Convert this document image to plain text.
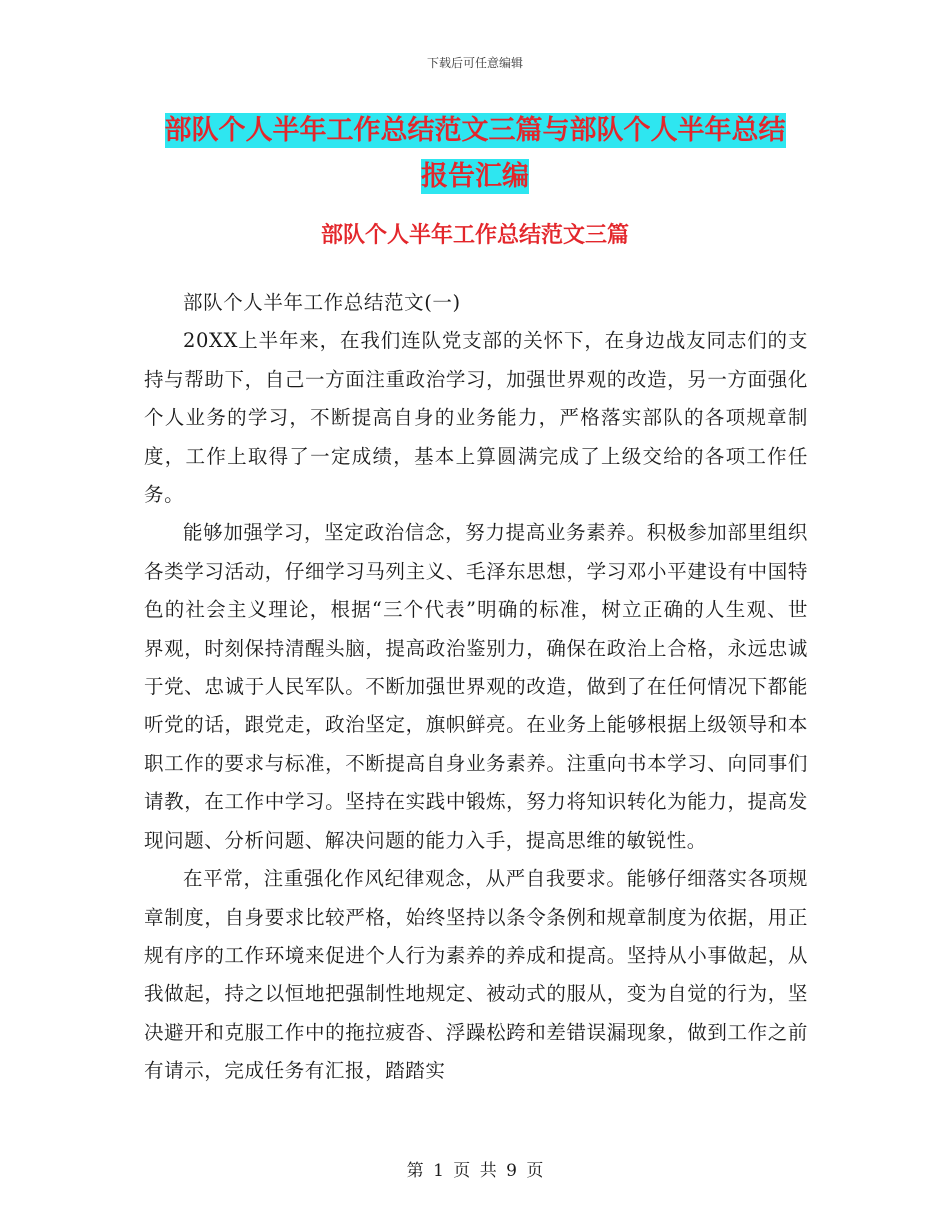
下载后可任意编辑
部队个人半年工作总结范文三篇与部队个人半年总结
报告汇编
部队个人半年工作总结范文三篇

部队个人半年工作总结范文(一)

20XX上半年来，在我们连队党支部的关怀下，在身边战友同志们的支持与帮助下，自己一方面注重政治学习，加强世界观的改造，另一方面强化个人业务的学习，不断提高自身的业务能力，严格落实部队的各项规章制度，工作上取得了一定成绩，基本上算圆满完成了上级交给的各项工作任务。

能够加强学习，坚定政治信念，努力提高业务素养。积极参加部里组织各类学习活动，仔细学习马列主义、毛泽东思想，学习邓小平建设有中国特色的社会主义理论，根据“三个代表”明确的标准，树立正确的人生观、世界观，时刻保持清醒头脑，提高政治鉴别力，确保在政治上合格，永远忠诚于党、忠诚于人民军队。不断加强世界观的改造，做到了在任何情况下都能听党的话，跟党走，政治坚定，旗帜鲜亮。在业务上能够根据上级领导和本职工作的要求与标准，不断提高自身业务素养。注重向书本学习、向同事们请教，在工作中学习。坚持在实践中锻炼，努力将知识转化为能力，提高发现问题、分析问题、解决问题的能力入手，提高思维的敏锐性。

在平常，注重强化作风纪律观念，从严自我要求。能够仔细落实各项规章制度，自身要求比较严格，始终坚持以条令条例和规章制度为依据，用正规有序的工作环境来促进个人行为素养的养成和提高。坚持从小事做起，从我做起，持之以恒地把强制性地规定、被动式的服从，变为自觉的行为，坚决避开和克服工作中的拖拉疲沓、浮躁松跨和差错误漏现象，做到工作之前有请示，完成任务有汇报，踏踏实

第 1 页 共 9 页
